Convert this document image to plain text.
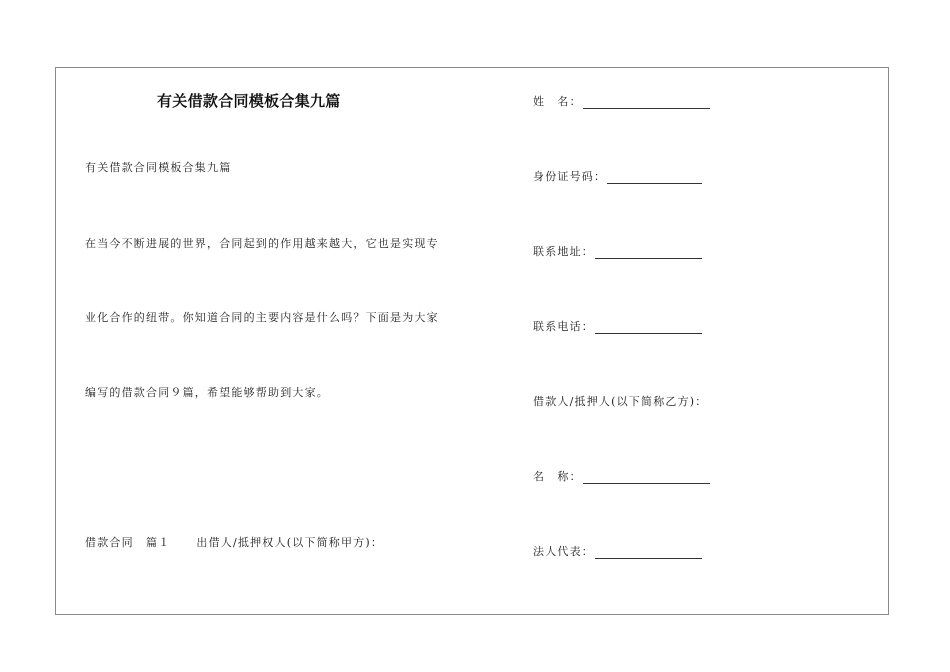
有关借款合同模板合集九篇
有关借款合同模板合集九篇
在当今不断进展的世界，合同起到的作用越来越大，它也是实现专
业化合作的纽带。你知道合同的主要内容是什么吗？下面是为大家
编写的借款合同９篇，希望能够帮助到大家。
借款合同　篇１ 出借人/抵押权人(以下简称甲方)：
姓　名：
身份证号码：
联系地址：
联系电话：
借款人/抵押人(以下简称乙方)：
名　称：
法人代表：
